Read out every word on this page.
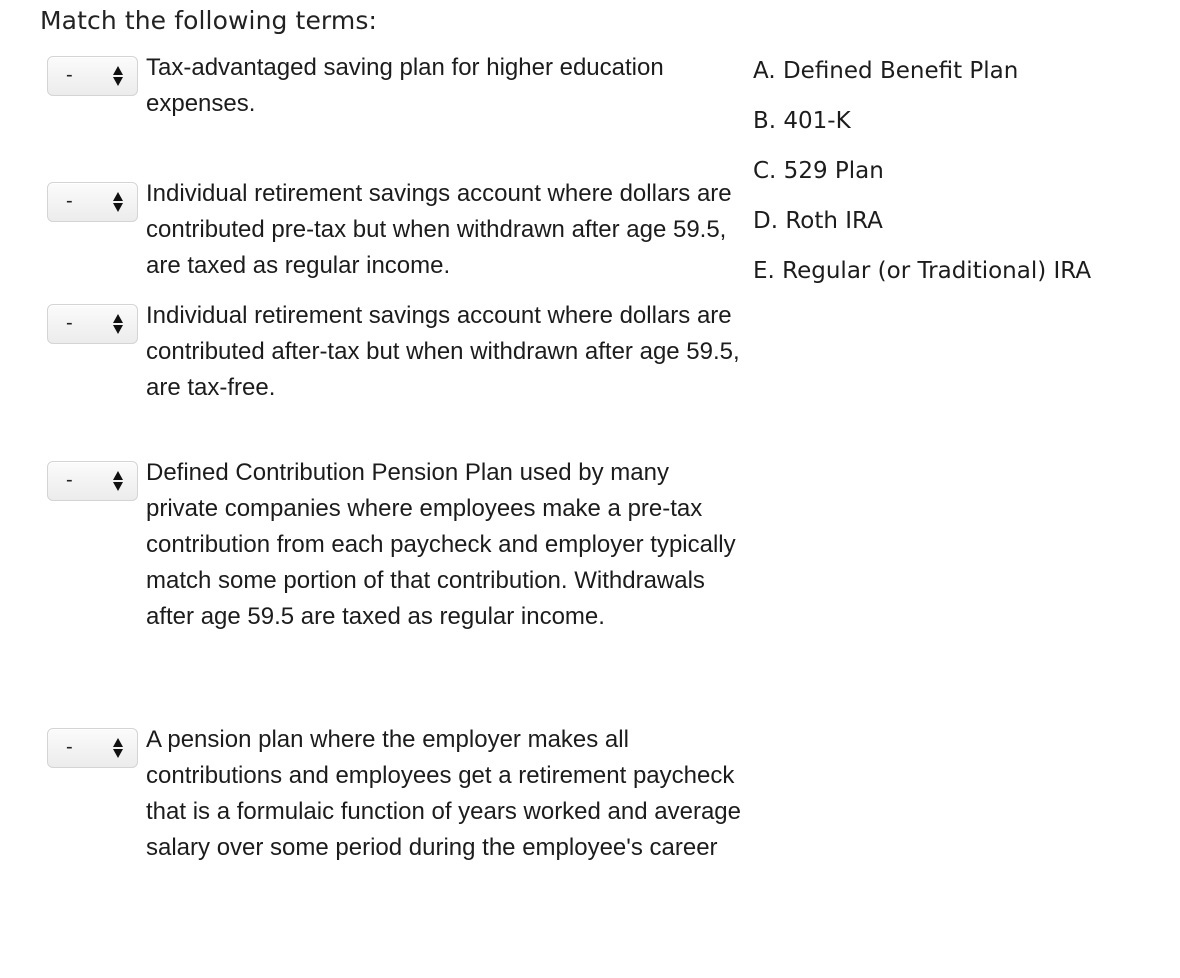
Match the following terms:
-	Tax-advantaged saving plan for higher education expenses.
-	Individual retirement savings account where dollars are contributed pre-tax but when withdrawn after age 59.5, are taxed as regular income.
-	Individual retirement savings account where dollars are contributed after-tax but when withdrawn after age 59.5, are tax-free.
-	Defined Contribution Pension Plan used by many private companies where employees make a pre-tax contribution from each paycheck and employer typically match some portion of that contribution. Withdrawals after age 59.5 are taxed as regular income.
-	A pension plan where the employer makes all contributions and employees get a retirement paycheck that is a formulaic function of years worked and average salary over some period during the employee's career
A. Defined Benefit Plan
B. 401-K
C. 529 Plan
D. Roth IRA
E. Regular (or Traditional) IRA
